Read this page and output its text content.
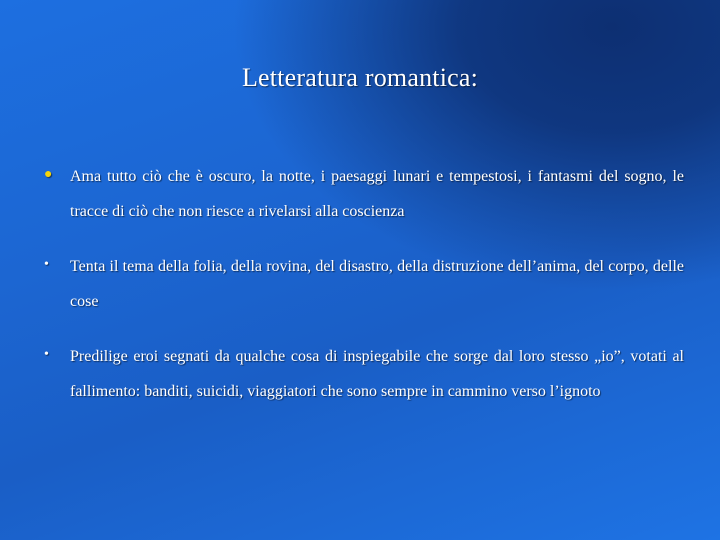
Letteratura romantica:
● Ama tutto ciò che è oscuro, la notte, i paesaggi lunari e tempestosi, i fantasmi del sogno, le tracce di ciò che non riesce a rivelarsi alla coscienza
• Tenta il tema della folia, della rovina, del disastro, della distruzione dell’anima, del corpo, delle cose
• Predilige eroi segnati da qualche cosa di inspiegabile che sorge dal loro stesso „io”, votati al fallimento: banditi, suicidi, viaggiatori che sono sempre in cammino verso l’ignoto
